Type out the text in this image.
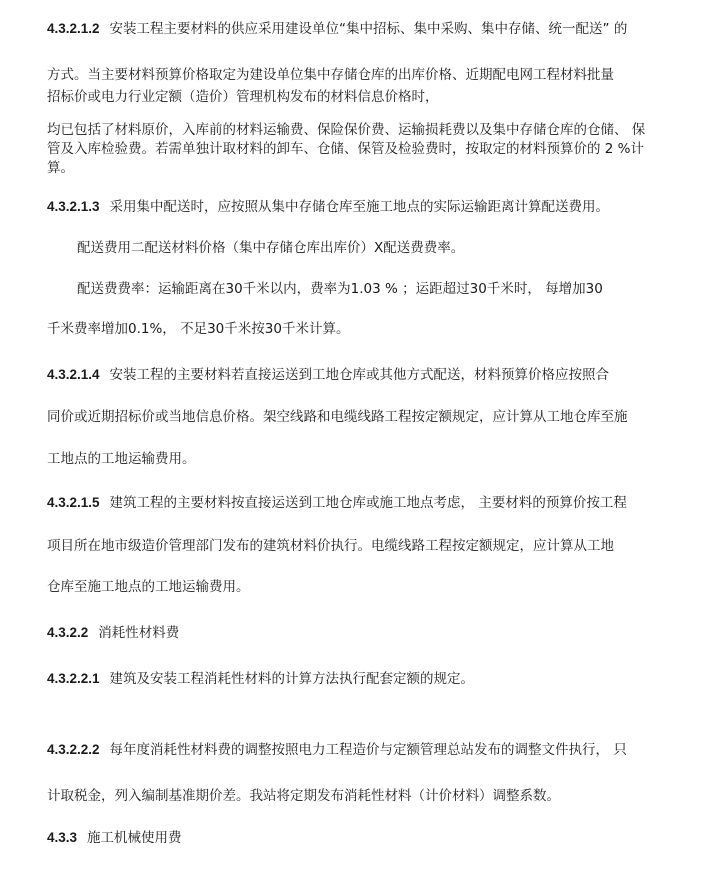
4.3.2.1.2 安装工程主要材料的供应采用建设单位“集中招标、集中采购、集中存储、统一配送” 的
方式。当主要材料预算价格取定为建设单位集中存储仓库的出库价格、近期配电网工程材料批量
招标价或电力行业定额（造价）管理机构发布的材料信息价格时，
均已包括了材料原价，入库前的材料运输费、保险保价费、运输损耗费以及集中存储仓库的仓储、 保
管及入库检验费。若需单独计取材料的卸车、仓储、保管及检验费时，按取定的材料预算价的 2 %计
算。
4.3.2.1.3 采用集中配送时，应按照从集中存储仓库至施工地点的实际运输距离计算配送费用。
配送费用二配送材料价格（集中存储仓库出库价）X配送费费率。
配送费费率：运输距离在30千米以内，费率为1.03 % ；运距超过30千米时， 每增加30
千米费率增加0.1%， 不足30千米按30千米计算。
4.3.2.1.4 安装工程的主要材料若直接运送到工地仓库或其他方式配送，材料预算价格应按照合
同价或近期招标价或当地信息价格。架空线路和电缆线路工程按定额规定，应计算从工地仓库至施
工地点的工地运输费用。
4.3.2.1.5 建筑工程的主要材料按直接运送到工地仓库或施工地点考虑， 主要材料的预算价按工程
项目所在地市级造价管理部门发布的建筑材料价执行。电缆线路工程按定额规定，应计算从工地
仓库至施工地点的工地运输费用。
4.3.2.2 消耗性材料费
4.3.2.2.1 建筑及安装工程消耗性材料的计算方法执行配套定额的规定。
4.3.2.2.2 每年度消耗性材料费的调整按照电力工程造价与定额管理总站发布的调整文件执行， 只
计取税金，列入编制基准期价差。我站将定期发布消耗性材料（计价材料）调整系数。
4.3.3 施工机械使用费
